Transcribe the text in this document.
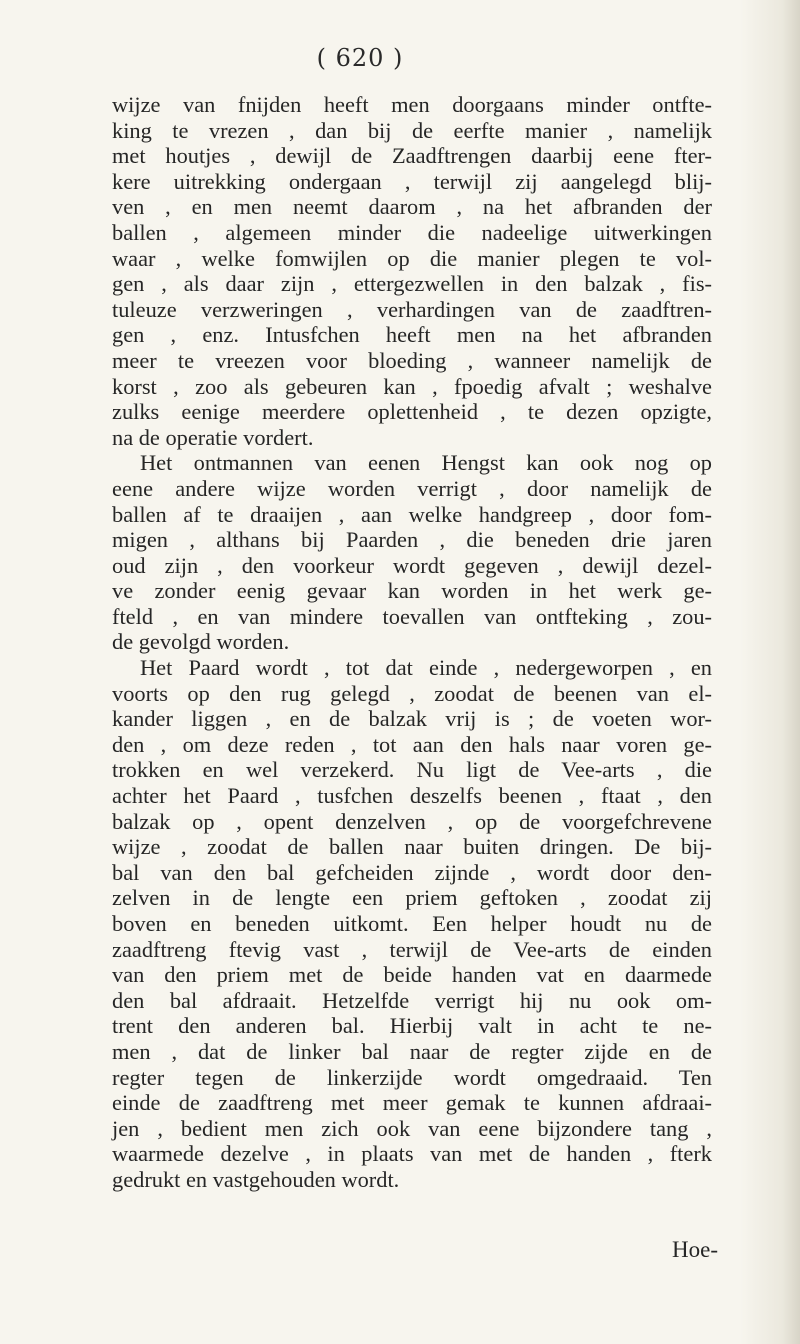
( 620 )
wijze van fnijden heeft men doorgaans minder ontfte-
king te vrezen , dan bij de eerfte manier , namelijk
met houtjes , dewijl de Zaadftrengen daarbij eene fter-
kere uitrekking ondergaan , terwijl zij aangelegd blij-
ven , en men neemt daarom , na het afbranden der
ballen , algemeen minder die nadeelige uitwerkingen
waar , welke fomwijlen op die manier plegen te vol-
gen , als daar zijn , ettergezwellen in den balzak , fis-
tuleuze verzweringen , verhardingen van de zaadftren-
gen , enz. Intusfchen heeft men na het afbranden
meer te vreezen voor bloeding , wanneer namelijk de
korst , zoo als gebeuren kan , fpoedig afvalt ; weshalve
zulks eenige meerdere oplettenheid , te dezen opzigte,
na de operatie vordert.
Het ontmannen van eenen Hengst kan ook nog op
eene andere wijze worden verrigt , door namelijk de
ballen af te draaijen , aan welke handgreep , door fom-
migen , althans bij Paarden , die beneden drie jaren
oud zijn , den voorkeur wordt gegeven , dewijl dezel-
ve zonder eenig gevaar kan worden in het werk ge-
fteld , en van mindere toevallen van ontfteking , zou-
de gevolgd worden.
Het Paard wordt , tot dat einde , nedergeworpen , en
voorts op den rug gelegd , zoodat de beenen van el-
kander liggen , en de balzak vrij is ; de voeten wor-
den , om deze reden , tot aan den hals naar voren ge-
trokken en wel verzekerd. Nu ligt de Vee-arts , die
achter het Paard , tusfchen deszelfs beenen , ftaat , den
balzak op , opent denzelven , op de voorgefchrevene
wijze , zoodat de ballen naar buiten dringen. De bij-
bal van den bal gefcheiden zijnde , wordt door den-
zelven in de lengte een priem geftoken , zoodat zij
boven en beneden uitkomt. Een helper houdt nu de
zaadftreng ftevig vast , terwijl de Vee-arts de einden
van den priem met de beide handen vat en daarmede
den bal afdraait. Hetzelfde verrigt hij nu ook om-
trent den anderen bal. Hierbij valt in acht te ne-
men , dat de linker bal naar de regter zijde en de
regter tegen de linkerzijde wordt omgedraaid. Ten
einde de zaadftreng met meer gemak te kunnen afdraai-
jen , bedient men zich ook van eene bijzondere tang ,
waarmede dezelve , in plaats van met de handen , fterk
gedrukt en vastgehouden wordt.
Hoe-
